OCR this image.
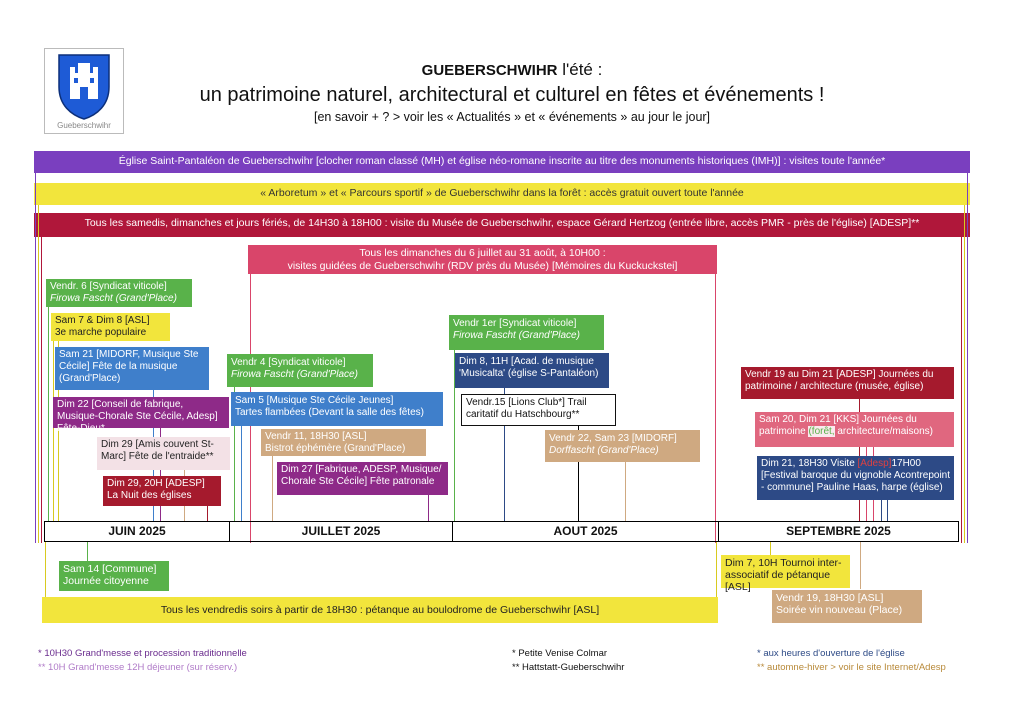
Gueberschwihr
GUEBERSCHWIHR l'été :
un patrimoine naturel, architectural et culturel en fêtes et événements !
[en savoir + ? > voir les « Actualités » et « événements » au jour le jour]
Église Saint-Pantaléon de Gueberschwihr [clocher roman classé (MH) et église néo-romane inscrite au titre des monuments historiques (IMH)] : visites toute l'année*
« Arboretum » et « Parcours sportif » de Gueberschwihr dans la forêt : accès gratuit ouvert toute l'année
Tous les samedis, dimanches et jours fériés, de 14H30 à 18H00 : visite du Musée de Gueberschwihr, espace Gérard Hertzog (entrée libre, accès PMR - près de l'église) [ADESP]**
Tous les dimanches du 6 juillet au 31 août, à 10H00 :
visites guidées de Gueberschwihr (RDV près du Musée) [Mémoires du Kuckuckstei]
JUIN 2025	JUILLET 2025	AOUT 2025	SEPTEMBRE 2025
Vendr. 6 [Syndicat viticole]
Firowa Fascht (Grand'Place)
Sam 7 & Dim 8 [ASL]
3e marche populaire
Sam 21 [MIDORF, Musique Ste Cécile] Fête de la musique (Grand'Place)
Dim 22 [Conseil de fabrique, Musique-Chorale Ste Cécile, Adesp] Fête-Dieu*
Dim 29 [Amis couvent St-Marc] Fête de l'entraide**
Dim 29, 20H [ADESP]
La Nuit des églises
Vendr 4 [Syndicat viticole]
Firowa Fascht (Grand'Place)
Sam 5 [Musique Ste Cécile Jeunes]
Tartes flambées (Devant la salle des fêtes)
Vendr 11, 18H30 [ASL]
Bistrot éphémère (Grand'Place)
Dim 27 [Fabrique, ADESP, Musique/ Chorale Ste Cécile] Fête patronale
Vendr 1er [Syndicat viticole]
Firowa Fascht (Grand'Place)
Dim 8, 11H [Acad. de musique
'Musicalta' (église S-Pantaléon)
Vendr.15 [Lions Club*] Trail
caritatif du Hatschbourg**
Vendr 22, Sam 23 [MIDORF]
Dorffascht (Grand'Place)
Vendr 19 au Dim 21 [ADESP] Journées du patrimoine / architecture (musée, église)
Sam 20, Dim 21 [KKS] Journées du
patrimoine (forêt, architecture/maisons)
Dim 21, 18H30 Visite [Adesp]17H00
[Festival baroque du vignoble Acontrepoint - commune] Pauline Haas, harpe (église)
Sam 14 [Commune]
Journée citoyenne
Dim 7, 10H Tournoi inter-
associatif de pétanque [ASL]
Vendr 19, 18H30 [ASL]
Soirée vin nouveau (Place)
Tous les vendredis soirs à partir de 18H30 : pétanque au boulodrome de Gueberschwihr [ASL]
* 10H30 Grand'messe et procession traditionnelle
** 10H Grand'messe 12H déjeuner (sur réserv.)
* Petite Venise Colmar
** Hattstatt-Gueberschwihr
* aux heures d'ouverture de l'église
** automne-hiver > voir le site Internet/Adesp
